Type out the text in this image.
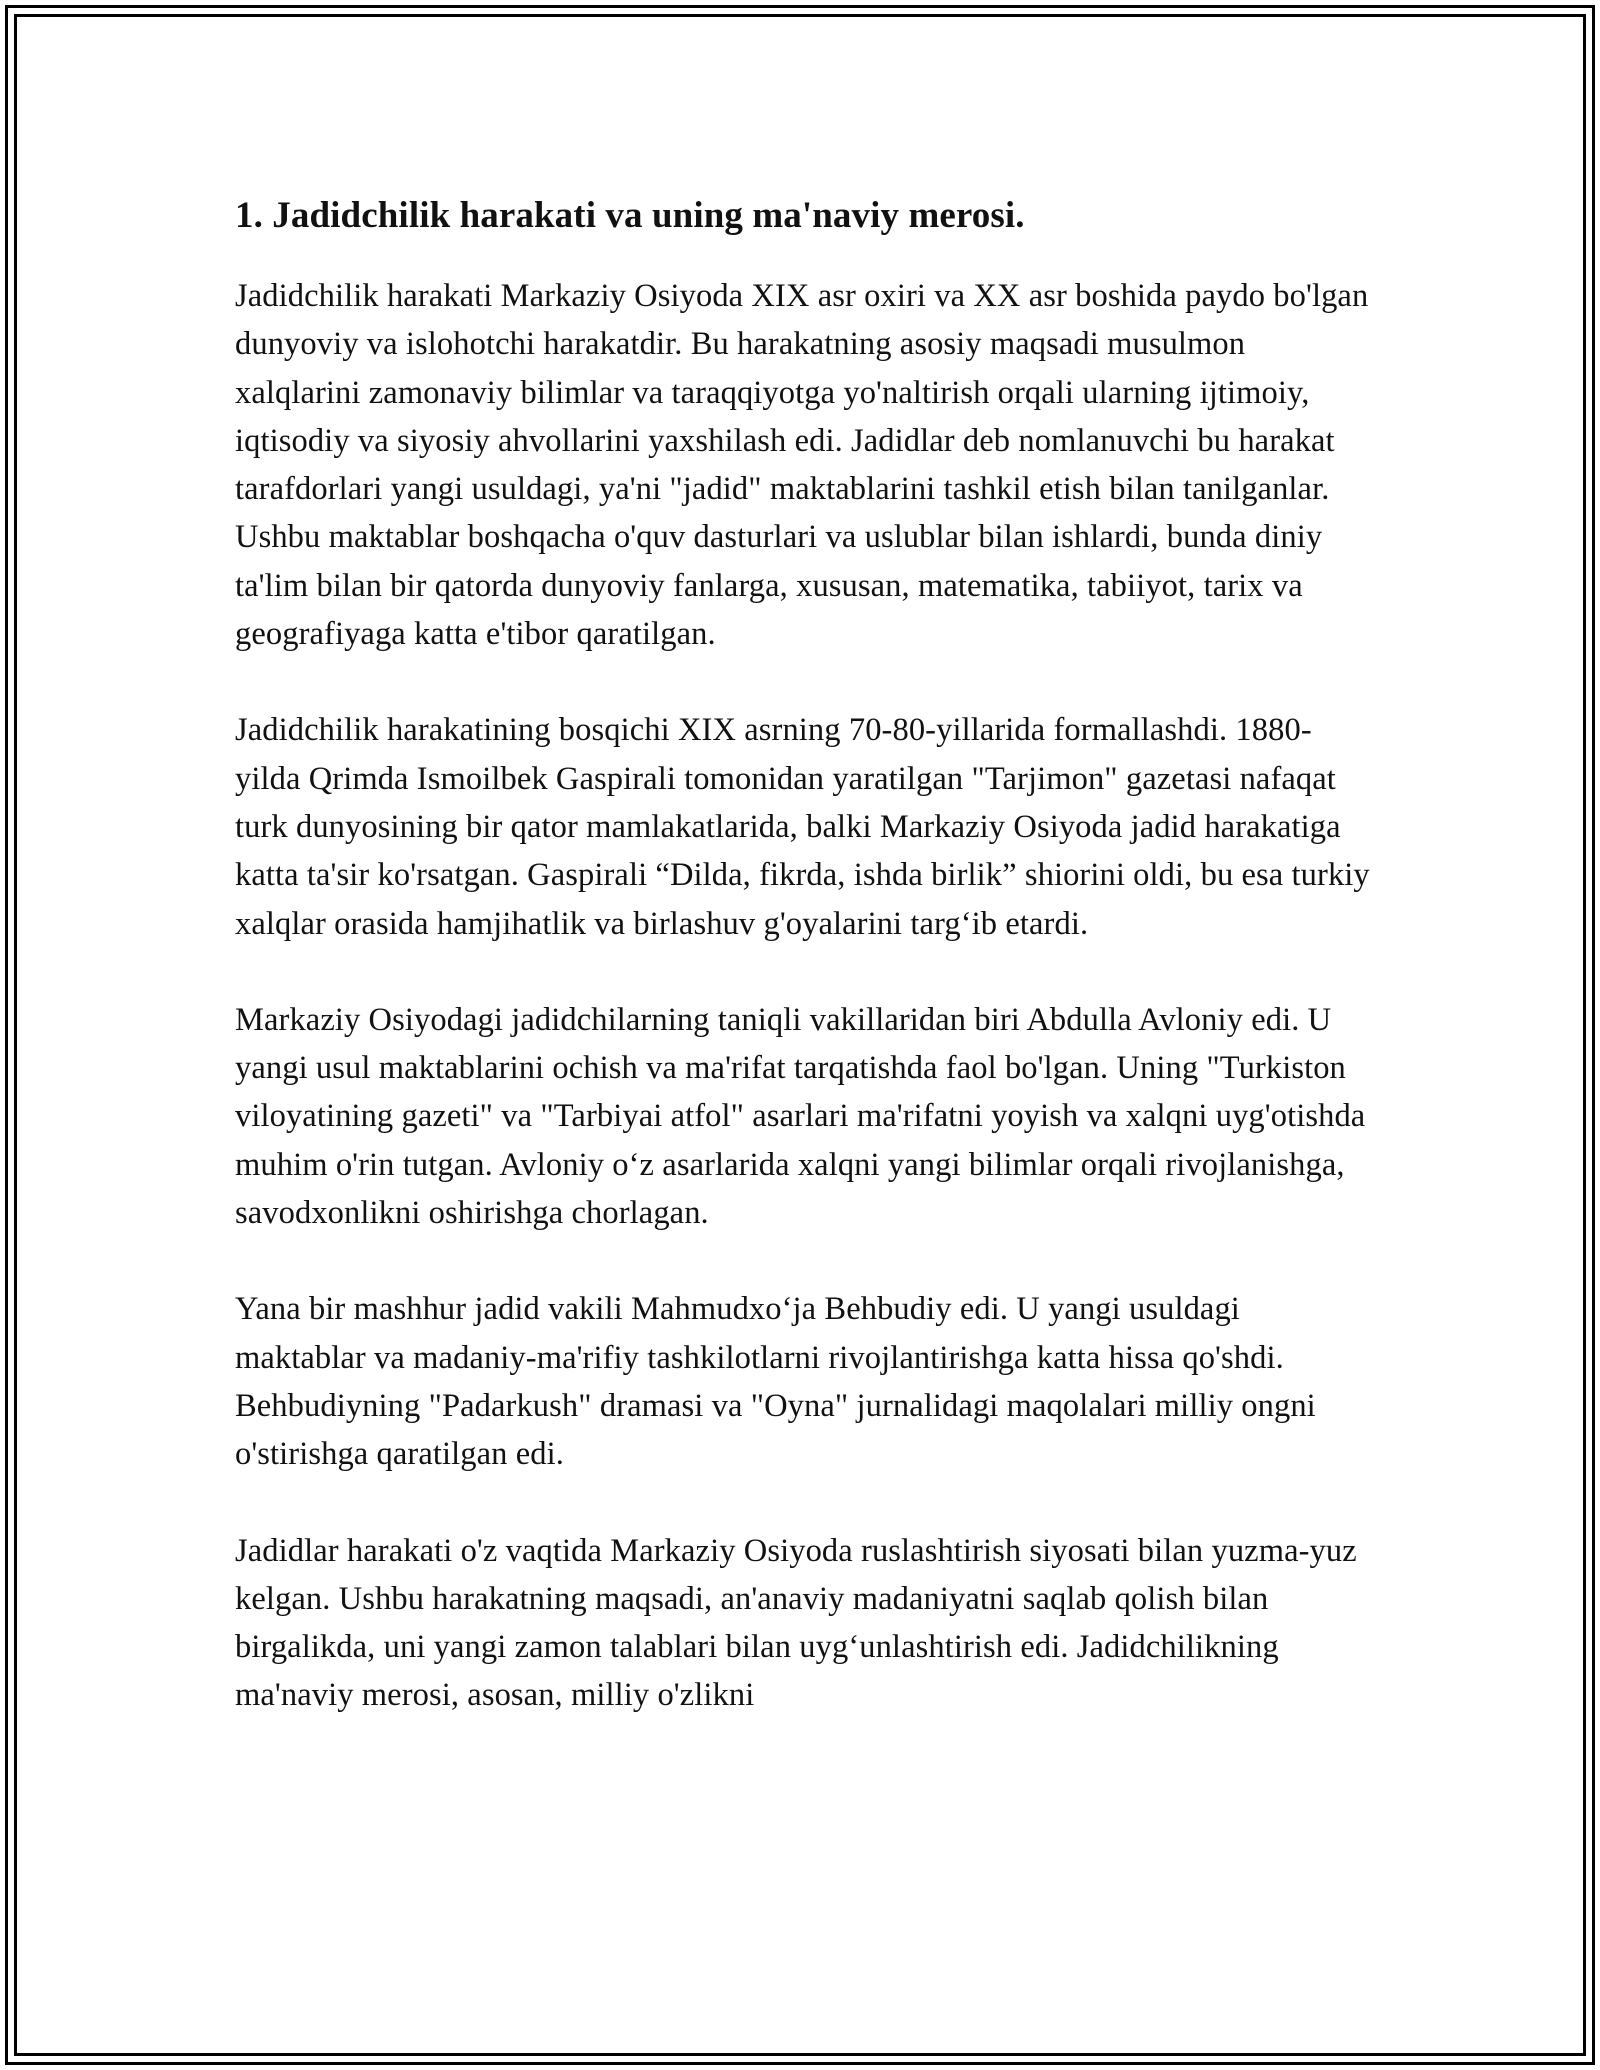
1. Jadidchilik harakati va uning ma'naviy merosi.

Jadidchilik harakati Markaziy Osiyoda XIX asr oxiri va XX asr boshida paydo bo'lgan dunyoviy va islohotchi harakatdir. Bu harakatning asosiy maqsadi musulmon xalqlarini zamonaviy bilimlar va taraqqiyotga yo'naltirish orqali ularning ijtimoiy, iqtisodiy va siyosiy ahvollarini yaxshilash edi. Jadidlar deb nomlanuvchi bu harakat tarafdorlari yangi usuldagi, ya'ni "jadid" maktablarini tashkil etish bilan tanilganlar. Ushbu maktablar boshqacha o'quv dasturlari va uslublar bilan ishlardi, bunda diniy ta'lim bilan bir qatorda dunyoviy fanlarga, xususan, matematika, tabiiyot, tarix va geografiyaga katta e'tibor qaratilgan.

Jadidchilik harakatining bosqichi XIX asrning 70-80-yillarida formallashdi. 1880-yilda Qrimda Ismoilbek Gaspirali tomonidan yaratilgan "Tarjimon" gazetasi nafaqat turk dunyosining bir qator mamlakatlarida, balki Markaziy Osiyoda jadid harakatiga katta ta'sir ko'rsatgan. Gaspirali “Dilda, fikrda, ishda birlik” shiorini oldi, bu esa turkiy xalqlar orasida hamjihatlik va birlashuv g'oyalarini targ‘ib etardi.

Markaziy Osiyodagi jadidchilarning taniqli vakillaridan biri Abdulla Avloniy edi. U yangi usul maktablarini ochish va ma'rifat tarqatishda faol bo'lgan. Uning "Turkiston viloyatining gazeti" va "Tarbiyai atfol" asarlari ma'rifatni yoyish va xalqni uyg'otishda muhim o'rin tutgan. Avloniy o‘z asarlarida xalqni yangi bilimlar orqali rivojlanishga, savodxonlikni oshirishga chorlagan.

Yana bir mashhur jadid vakili Mahmudxo‘ja Behbudiy edi. U yangi usuldagi maktablar va madaniy-ma'rifiy tashkilotlarni rivojlantirishga katta hissa qo'shdi. Behbudiyning "Padarkush" dramasi va "Oyna" jurnalidagi maqolalari milliy ongni o'stirishga qaratilgan edi.

Jadidlar harakati o'z vaqtida Markaziy Osiyoda ruslashtirish siyosati bilan yuzma-yuz kelgan. Ushbu harakatning maqsadi, an'anaviy madaniyatni saqlab qolish bilan birgalikda, uni yangi zamon talablari bilan uyg‘unlashtirish edi. Jadidchilikning ma'naviy merosi, asosan, milliy o'zlikni
